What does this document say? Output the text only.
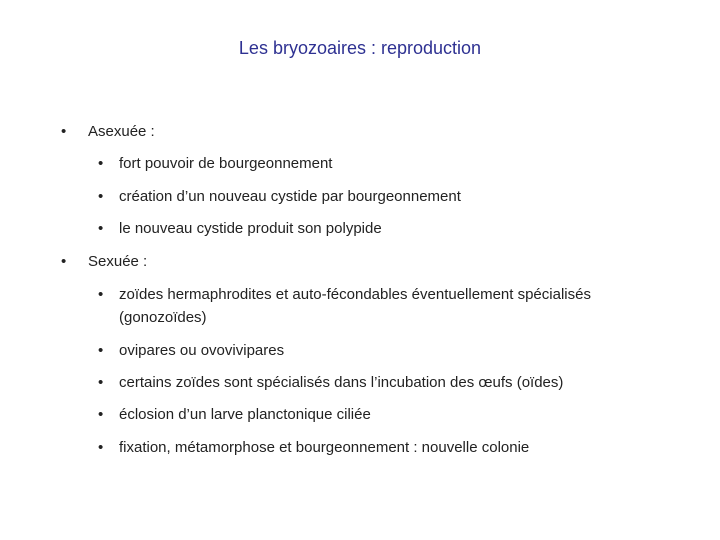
Les bryozoaires : reproduction
• Asexuée :
• fort pouvoir de bourgeonnement
• création d’un nouveau cystide par bourgeonnement
• le nouveau cystide produit son polypide
• Sexuée :
• zoïdes hermaphrodites et auto-fécondables éventuellement spécialisés (gonozoïdes)
• ovipares ou ovovivipares
• certains zoïdes sont spécialisés dans l’incubation des œufs (oïdes)
• éclosion d’un larve planctonique ciliée
• fixation, métamorphose et bourgeonnement : nouvelle colonie
